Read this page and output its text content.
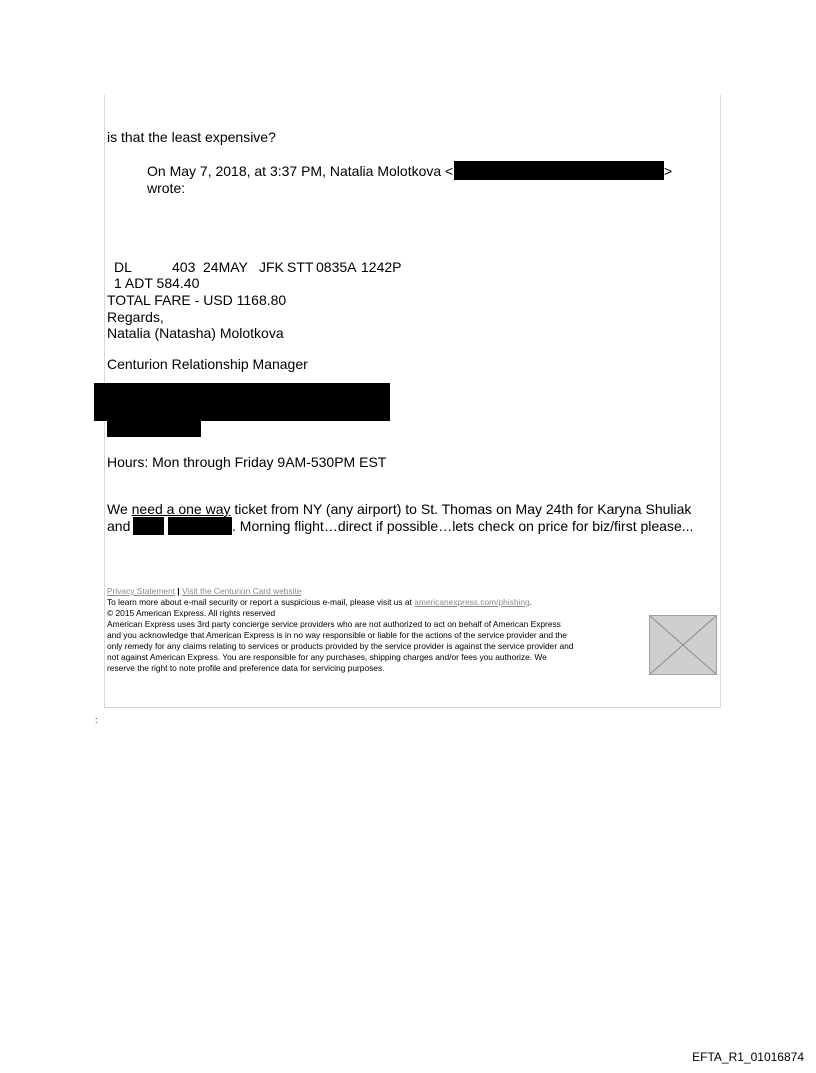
is that the least expensive?
On May 7, 2018, at 3:37 PM, Natalia Molotkova <	>
wrote:
DL	403 24MAY JFK STT 0835A 1242P
1 ADT 584.40
TOTAL FARE - USD 1168.80
Regards,
Natalia (Natasha) Molotkova
Centurion Relationship Manager
Hours: Mon through Friday 9AM-530PM EST
We need a one way ticket from NY (any airport) to St. Thomas on May 24th for Karyna Shuliak
and	. Morning flight…direct if possible…lets check on price for biz/first please...
Privacy Statement | Visit the Centurion Card website
To learn more about e-mail security or report a suspicious e-mail, please visit us at americanexpress.com/phishing.
© 2015 American Express. All rights reserved
American Express uses 3rd party concierge service providers who are not authorized to act on behalf of American Express
and you acknowledge that American Express is in no way responsible or liable for the actions of the service provider and the
only remedy for any claims relating to services or products provided by the service provider is against the service provider and
not against American Express. You are responsible for any purchases, shipping charges and/or fees you authorize. We
reserve the right to note profile and preference data for servicing purposes.
:
EFTA_R1_01016874
